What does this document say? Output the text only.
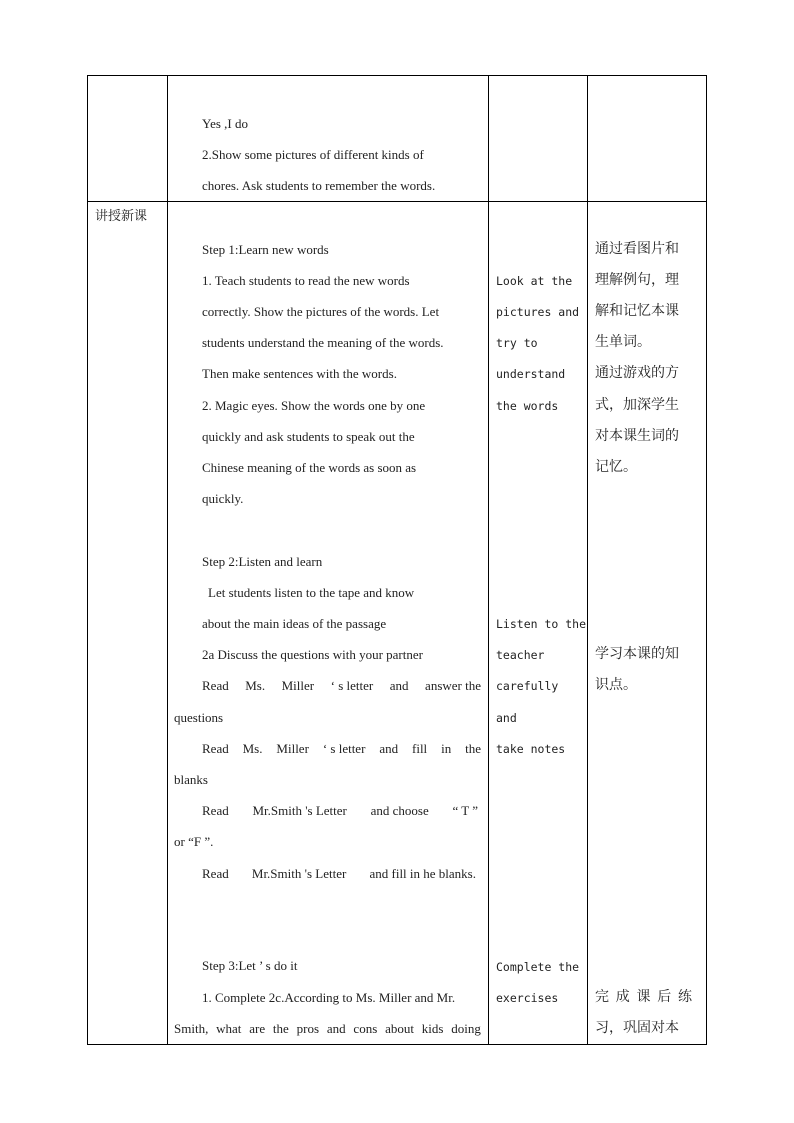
Yes ,I do
2.Show some pictures of different kinds of
chores. Ask students to remember the words.
讲授新课
Step 1:Learn new words
1. Teach students to read the new words
correctly. Show the pictures of the words. Let
students understand the meaning of the words.
Then make sentences with the words.
2. Magic eyes. Show the words one by one
quickly and ask students to speak out the
Chinese meaning of the words as soon as
quickly.
Look at the
pictures and
try to
understand
the words
通过看图片和
理解例句，理
解和记忆本课
生单词。
通过游戏的方
式，加深学生
对本课生词的
记忆。
Step 2:Listen and learn
Let students listen to the tape and know
about the main ideas of the passage
2a Discuss the questions with your partner
Read Ms. Miller ‘ s letter and answer the
questions
Read Ms. Miller ‘ s letter and fill in the
blanks
Read Mr.Smith 's Letter and choose “ T ”
or “F ”.
Read Mr.Smith 's Letter and fill in he blanks.
Listen to the
teacher
carefully
and
take notes
学习本课的知
识点。
Step 3:Let ’ s do it
1. Complete 2c.According to Ms. Miller and Mr.
Smith, what are the pros and cons about kids doing
Complete the
exercises	完 成 课 后 练
习，巩固对本
